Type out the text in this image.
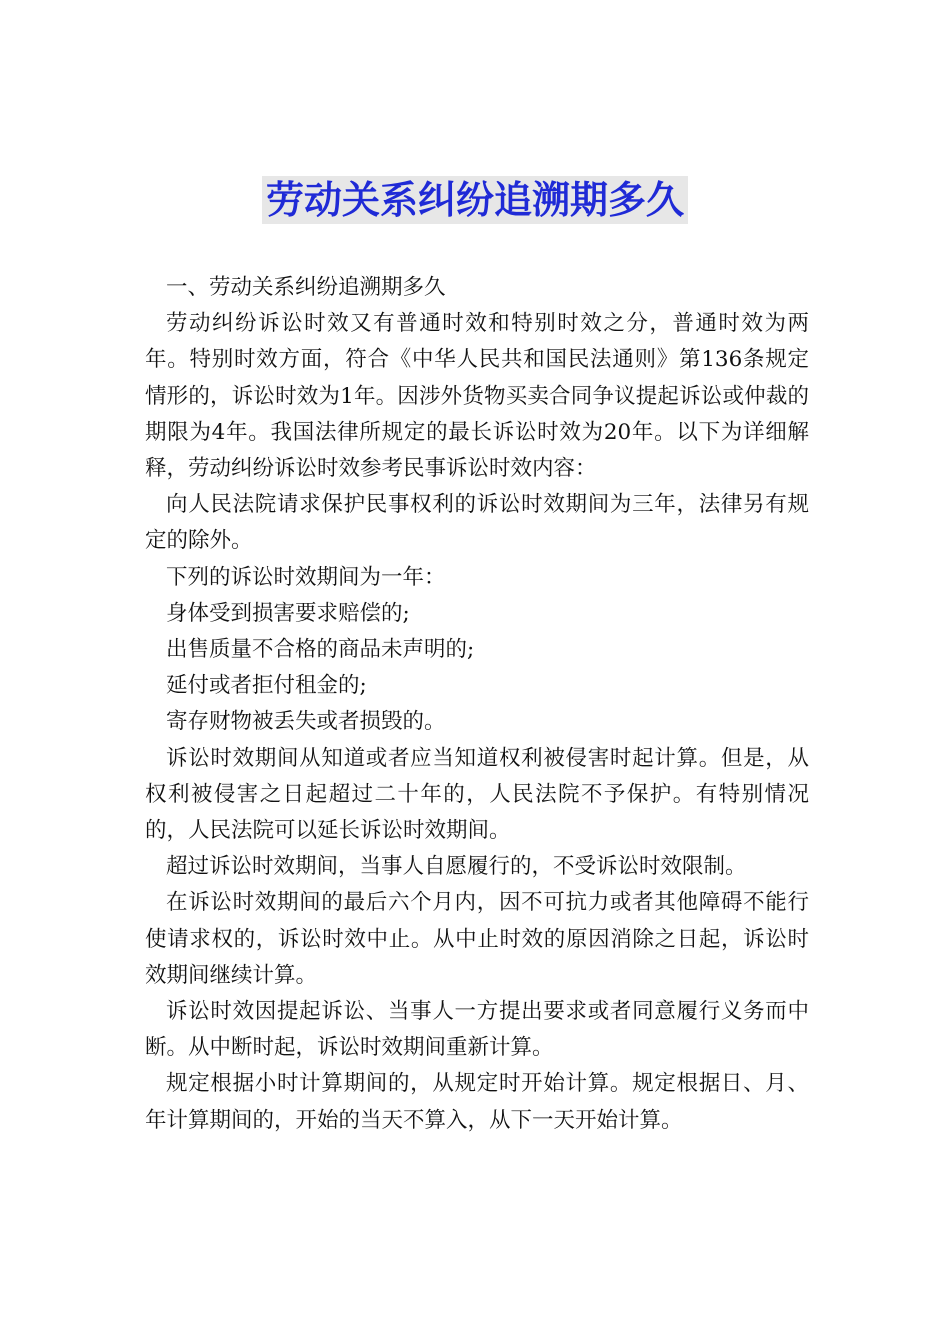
劳动关系纠纷追溯期多久

一、劳动关系纠纷追溯期多久

劳动纠纷诉讼时效又有普通时效和特别时效之分，普通时效为两年。特别时效方面，符合《中华人民共和国民法通则》第136条规定情形的，诉讼时效为1年。因涉外货物买卖合同争议提起诉讼或仲裁的期限为4年。我国法律所规定的最长诉讼时效为20年。以下为详细解释，劳动纠纷诉讼时效参考民事诉讼时效内容：

向人民法院请求保护民事权利的诉讼时效期间为三年，法律另有规定的除外。

下列的诉讼时效期间为一年：

身体受到损害要求赔偿的;

出售质量不合格的商品未声明的;

延付或者拒付租金的;

寄存财物被丢失或者损毁的。

诉讼时效期间从知道或者应当知道权利被侵害时起计算。但是，从权利被侵害之日起超过二十年的，人民法院不予保护。有特别情况的，人民法院可以延长诉讼时效期间。

超过诉讼时效期间，当事人自愿履行的，不受诉讼时效限制。

在诉讼时效期间的最后六个月内，因不可抗力或者其他障碍不能行使请求权的，诉讼时效中止。从中止时效的原因消除之日起，诉讼时效期间继续计算。

诉讼时效因提起诉讼、当事人一方提出要求或者同意履行义务而中断。从中断时起，诉讼时效期间重新计算。

规定根据小时计算期间的，从规定时开始计算。规定根据日、月、年计算期间的，开始的当天不算入，从下一天开始计算。
